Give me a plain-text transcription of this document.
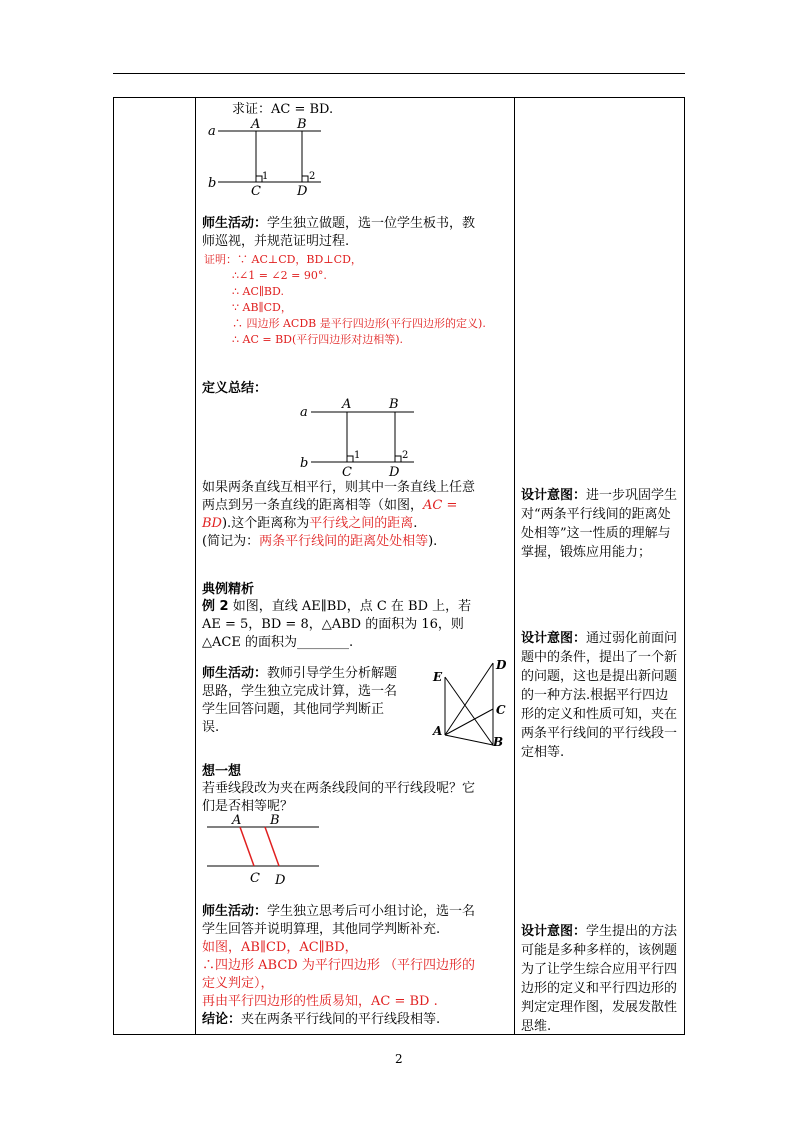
求证：AC = BD.
a
b
A	B
C	D
1	2
师生活动：学生独立做题，选一位学生板书，教
师巡视，并规范证明过程.
证明：∵ AC⊥CD，BD⊥CD，
∴∠1 = ∠2 = 90°.
∴ AC∥BD.
∵ AB∥CD，
∴ 四边形 ACDB 是平行四边形(平行四边形的定义).
∴ AC = BD(平行四边形对边相等).
定义总结：
a
b
A	B
C	D
1	2
如果两条直线互相平行，则其中一条直线上任意
两点到另一条直线的距离相等（如图，AC =
BD).这个距离称为平行线之间的距离.
(简记为：两条平行线间的距离处处相等).
典例精析
例 2 如图，直线 AE∥BD，点 C 在 BD 上，若
AE = 5，BD = 8，△ABD 的面积为 16，则
△ACE 的面积为________.
师生活动：教师引导学生分析解题
思路，学生独立完成计算，选一名
学生回答问题，其他同学判断正
误.
D
E
C
A
B
想一想
若垂线段改为夹在两条线段间的平行线段呢？它
们是否相等呢？
A B
C D
师生活动：学生独立思考后可小组讨论，选一名
学生回答并说明算理，其他同学判断补充.
如图，AB∥CD，AC∥BD，
∴四边形 ABCD 为平行四边形 （平行四边形的
定义判定），
再由平行四边形的性质易知，AC = BD .
结论：夹在两条平行线间的平行线段相等.
设计意图：进一步巩固学生对“两条平行线间的距离处处相等”这一性质的理解与掌握，锻炼应用能力；
设计意图：通过弱化前面问题中的条件，提出了一个新的问题，这也是提出新问题的一种方法.根据平行四边形的定义和性质可知，夹在两条平行线间的平行线段一定相等.
设计意图：学生提出的方法可能是多种多样的，该例题为了让学生综合应用平行四边形的定义和平行四边形的判定定理作图，发展发散性思维.
2
